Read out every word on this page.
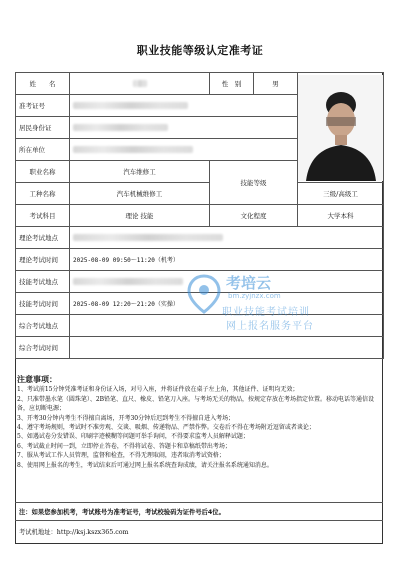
职业技能等级认定准考证
姓　　名		性　别	男	

准考证号				
居民身份证				
所在单位				
职业名称	汽车维修工	技能等级		
工种名称	汽车机械维修工			三级/高级工
考试科目	理论 技能	文化程度		大学本科
理论考试地点				
理论考试时间	2025-08-09 09:50～11:20（机考）			
技能考试地点				
技能考试时间	2025-08-09 12:20～21:20（实操）			
综合考试地点				
综合考试时间				
考培云
bm.zyjnzx.com
职业技能考试培训
网上报名服务平台
注意事项：

1、考试前15分钟凭准考证和身份证入场，对号入座，并将证件放在桌子左上角，其他证件、证明均无效；

2、只准带墨水笔（圆珠笔）、2B铅笔、直尺、橡皮、铅笔刀入座。与考场无关的物品，按规定存放在考场指定位置。移动电话等通信设备，应切断电源；

3、开考30分钟内考生不得擅自离场，开考30分钟后迟到考生不得擅自进入考场；

4、遵守考场规则，考试时不准旁观、交谈、吸烟、传递物品、严禁作弊。交卷后不得在考场附近逗留或者谈论；

5、如遇试卷分发错误、印刷字迹模糊等问题可举手询问，不得要求监考人员解释试题；

6、考试截止时间一到，立即停止答卷，不得将试卷、答题卡和草稿纸带出考场；

7、服从考试工作人员管理，监督和检查，不得无理取闹，违者取消考试资格；

8、使用网上报名的考生，考试结束后可通过网上报名系统查询成绩，请关注报名系统通知消息。

注：如果您参加机考，考试账号为准考证号，考试校验码为证件号后4位。
考试机地址：http://ksj.kszx365.com
